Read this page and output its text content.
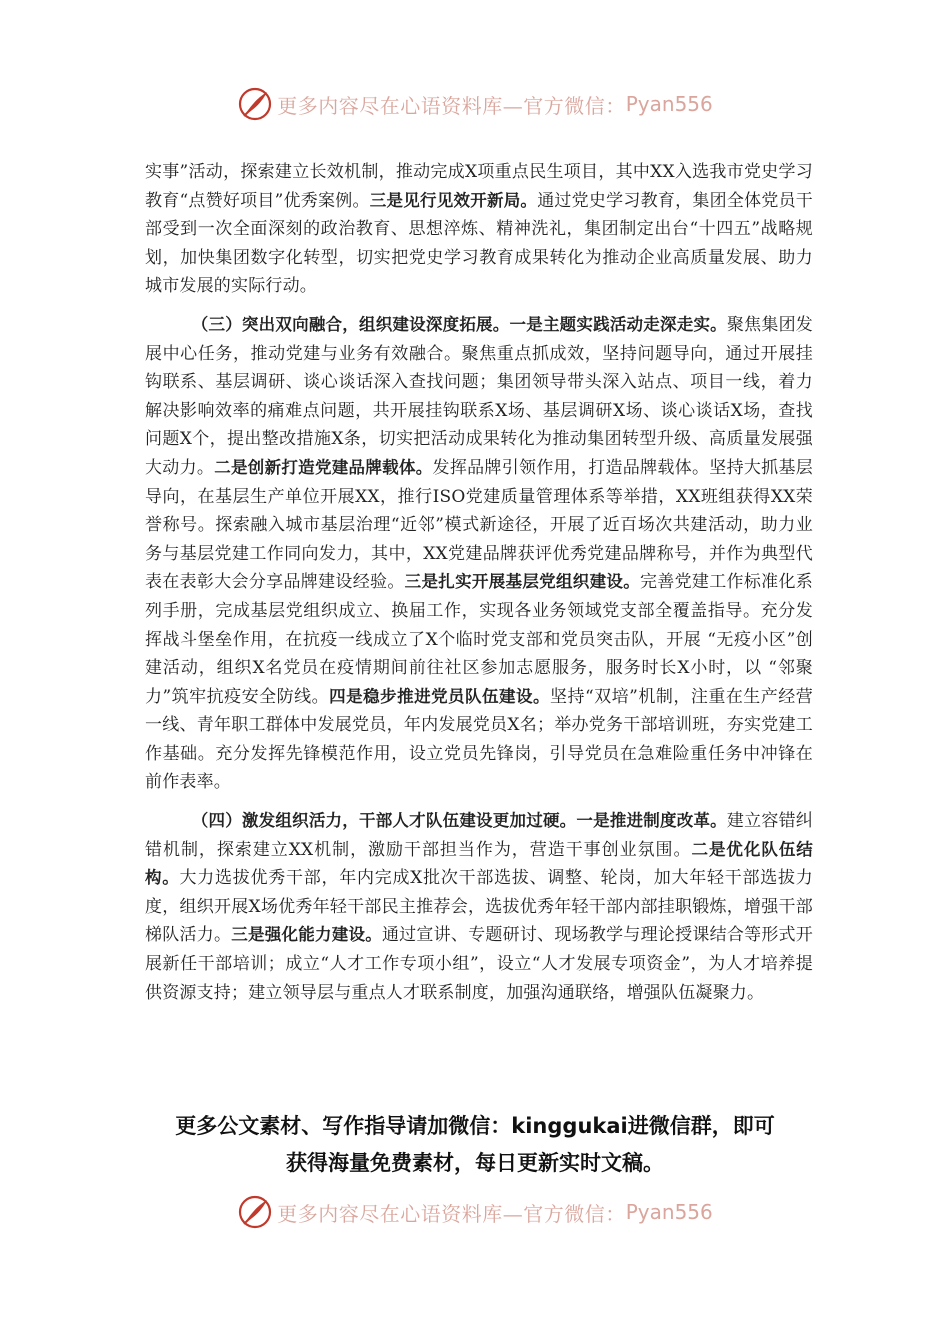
更多内容尽在心语资料库—官方微信： Pyan556

实事”活动，探索建立长效机制，推动完成X项重点民生项目，其中XX入选我市党史学习教育“点赞好项目”优秀案例。三是见行见效开新局。通过党史学习教育，集团全体党员干部受到一次全面深刻的政治教育、思想淬炼、精神洗礼，集团制定出台“十四五”战略规划，加快集团数字化转型，切实把党史学习教育成果转化为推动企业高质量发展、助力城市发展的实际行动。

（三）突出双向融合，组织建设深度拓展。一是主题实践活动走深走实。聚焦集团发展中心任务，推动党建与业务有效融合。聚焦重点抓成效，坚持问题导向，通过开展挂钩联系、基层调研、谈心谈话深入查找问题；集团领导带头深入站点、项目一线，着力解决影响效率的痛难点问题，共开展挂钩联系X场、基层调研X场、谈心谈话X场，查找问题X个，提出整改措施X条，切实把活动成果转化为推动集团转型升级、高质量发展强大动力。二是创新打造党建品牌载体。发挥品牌引领作用，打造品牌载体。坚持大抓基层导向，在基层生产单位开展XX，推行ISO党建质量管理体系等举措，XX班组获得XX荣誉称号。探索融入城市基层治理“近邻”模式新途径，开展了近百场次共建活动，助力业务与基层党建工作同向发力，其中，XX党建品牌获评优秀党建品牌称号，并作为典型代表在表彰大会分享品牌建设经验。三是扎实开展基层党组织建设。完善党建工作标准化系列手册，完成基层党组织成立、换届工作，实现各业务领域党支部全覆盖指导。充分发挥战斗堡垒作用，在抗疫一线成立了X个临时党支部和党员突击队，开展 “无疫小区”创建活动，组织X名党员在疫情期间前往社区参加志愿服务，服务时长X小时，以 “邻聚力”筑牢抗疫安全防线。四是稳步推进党员队伍建设。坚持“双培”机制，注重在生产经营一线、青年职工群体中发展党员，年内发展党员X名；举办党务干部培训班，夯实党建工作基础。充分发挥先锋模范作用，设立党员先锋岗，引导党员在急难险重任务中冲锋在前作表率。

（四）激发组织活力，干部人才队伍建设更加过硬。一是推进制度改革。建立容错纠错机制，探索建立XX机制，激励干部担当作为，营造干事创业氛围。二是优化队伍结构。大力选拔优秀干部，年内完成X批次干部选拔、调整、轮岗，加大年轻干部选拔力度，组织开展X场优秀年轻干部民主推荐会，选拔优秀年轻干部内部挂职锻炼，增强干部梯队活力。三是强化能力建设。通过宣讲、专题研讨、现场教学与理论授课结合等形式开展新任干部培训；成立“人才工作专项小组”，设立“人才发展专项资金”，为人才培养提供资源支持；建立领导层与重点人才联系制度，加强沟通联络，增强队伍凝聚力。

更多公文素材、写作指导请加微信：kinggukai进微信群，即可
获得海量免费素材，每日更新实时文稿。
更多内容尽在心语资料库—官方微信： Pyan556
